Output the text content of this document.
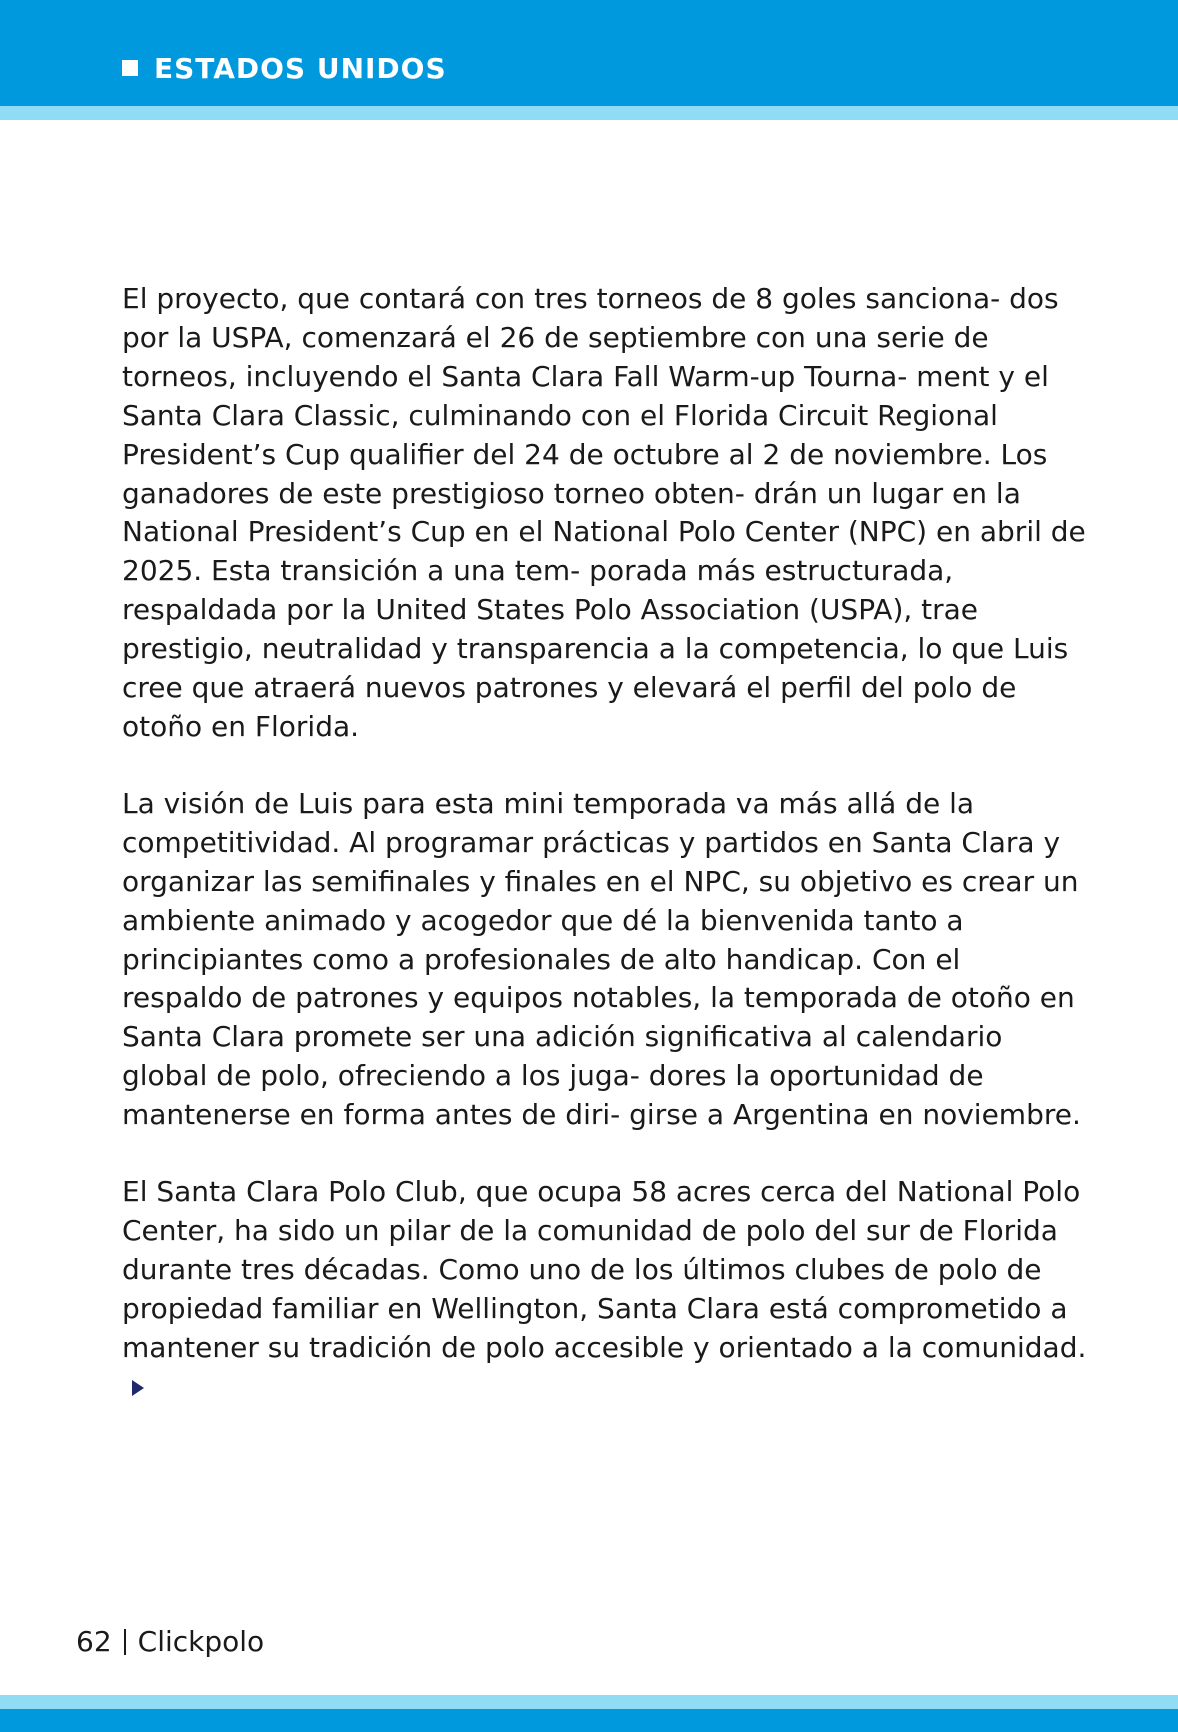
ESTADOS UNIDOS

El proyecto, que contará con tres torneos de 8 goles sanciona- dos por la USPA, comenzará el 26 de septiembre con una serie de torneos, incluyendo el Santa Clara Fall Warm-up Tourna- ment y el Santa Clara Classic, culminando con el Florida Circuit Regional President’s Cup qualifier del 24 de octubre al 2 de noviembre. Los ganadores de este prestigioso torneo obten- drán un lugar en la National President’s Cup en el National Polo Center (NPC) en abril de 2025. Esta transición a una tem- porada más estructurada, respaldada por la United States Polo Association (USPA), trae prestigio, neutralidad y transparencia a la competencia, lo que Luis cree que atraerá nuevos patrones y elevará el perfil del polo de otoño en Florida.

La visión de Luis para esta mini temporada va más allá de la competitividad. Al programar prácticas y partidos en Santa Clara y organizar las semifinales y finales en el NPC, su objetivo es crear un ambiente animado y acogedor que dé la bienvenida tanto a principiantes como a profesionales de alto handicap. Con el respaldo de patrones y equipos notables, la temporada de otoño en Santa Clara promete ser una adición significativa al calendario global de polo, ofreciendo a los juga- dores la oportunidad de mantenerse en forma antes de diri- girse a Argentina en noviembre.

El Santa Clara Polo Club, que ocupa 58 acres cerca del National Polo Center, ha sido un pilar de la comunidad de polo del sur de Florida durante tres décadas. Como uno de los últimos clubes de polo de propiedad familiar en Wellington, Santa Clara está comprometido a mantener su tradición de polo accesible y orientado a la comunidad.

62 Clickpolo
